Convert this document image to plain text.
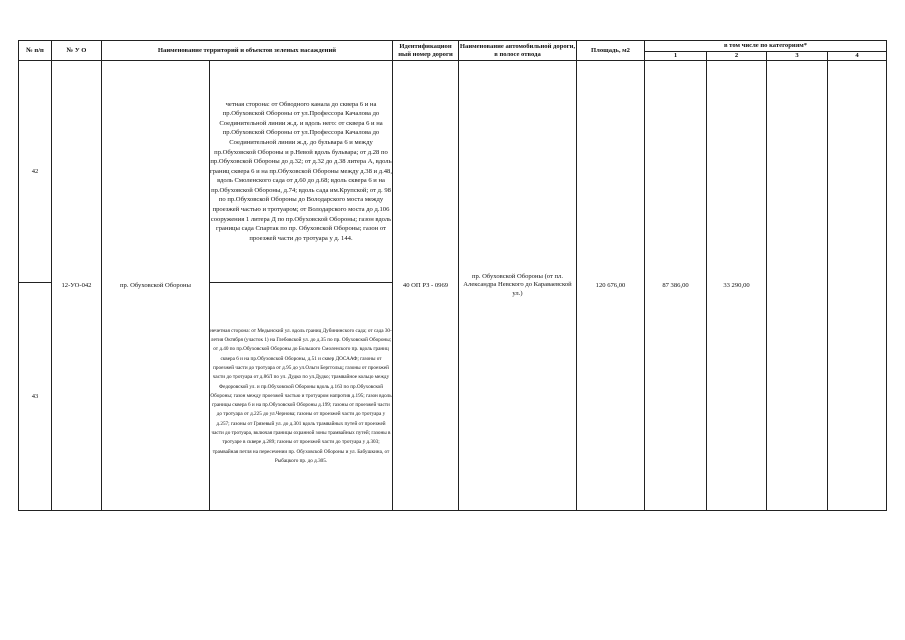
№ п/п	№ У О	Наименование территорий и объектов зеленых насаждений		Идентификацион ный номер дороги	Наименование автомобильной дороги, в полосе отвода	Площадь, м2	в том числе по категориям*			
							1	2	3	4
42	12-УО-042	пр. Обуховской Обороны	четная сторона: от Обводного канала до сквера 6 и на пр.Обуховской Обороны от ул.Профессора Качалова до Соединительной линии ж.д. и вдоль него: от сквера 6 и на пр.Обуховской Обороны от ул.Профессора Качалова до Соединительной линии ж.д. до бульвара 6 и между пр.Обуховской Обороны и р.Невой вдоль бульвара; от д.28 по пр.Обуховской Обороны до д.32; от д.32 до д.38 литера А, вдоль границ сквера 6 и на пр.Обуховской Обороны между д.38 и д.48, вдоль Смоленского сада от д.60 до д.68; вдоль сквера 6 и на пр.Обуховской Обороны, д.74; вдоль сада им.Крупской; от д. 98 по пр.Обуховской Обороны до Володарского моста между проезжей частью и тротуаром; от Володарского моста до д.106 сооружения 1 литера Д по пр.Обуховской Обороны; газон вдоль границы сада Спартак по пр. Обуховской Обороны; газон от проезжей части до тротуара у д. 144.	40 ОП РЗ - 0969	пр. Обуховской Обороны (от пл. Александра Невского до Караваевской ул.)	120 676,00	87 386,00	33 290,00		
43			нечетная сторона: от Медынский ул. вдоль границ Дубининского сада; от сада 30-летия Октября (участок 1) на Глебовской ул. до д.35 по пр. Обуховской Обороны; от д.40 по пр.Обуховской Обороны до Большого Смоленского пр. вдоль границ сквера 6 и на пр.Обуховской Обороны, д.51 и сквер ДОСААФ; газоны от проезжей части до тротуара от д.95 до ул.Ольги Берггольц; газоны от проезжей части до тротуара от д.86Л по ул. Дудко по ул.Дудко; трамвайное кольцо между Федоровской ул. и пр.Обуховской Обороны вдоль д.163 по пр.Обуховской Обороны; газон между проезжей частью и тротуаром напротив д.195; газон вдоль границы сквера 6 и на пр.Обуховской Обороны д.199; газоны от проезжей части до тротуара от д.225 до ул.Чернова; газоны от проезжей части до тротуара у д.257; газоны от Грязевый ул. до д.301 вдоль трамвайных путей от проезжей части до тротуара, включая границы охранной зоны трамвайных путей; газоны в тротуаре в сквере д.289; газоны от проезжей части до тротуара у д.303; трамвайная петля на пересечении пр. Обуховской Обороны и ул. Бабушкина, от Рыбацкого пр. до д.305.							
